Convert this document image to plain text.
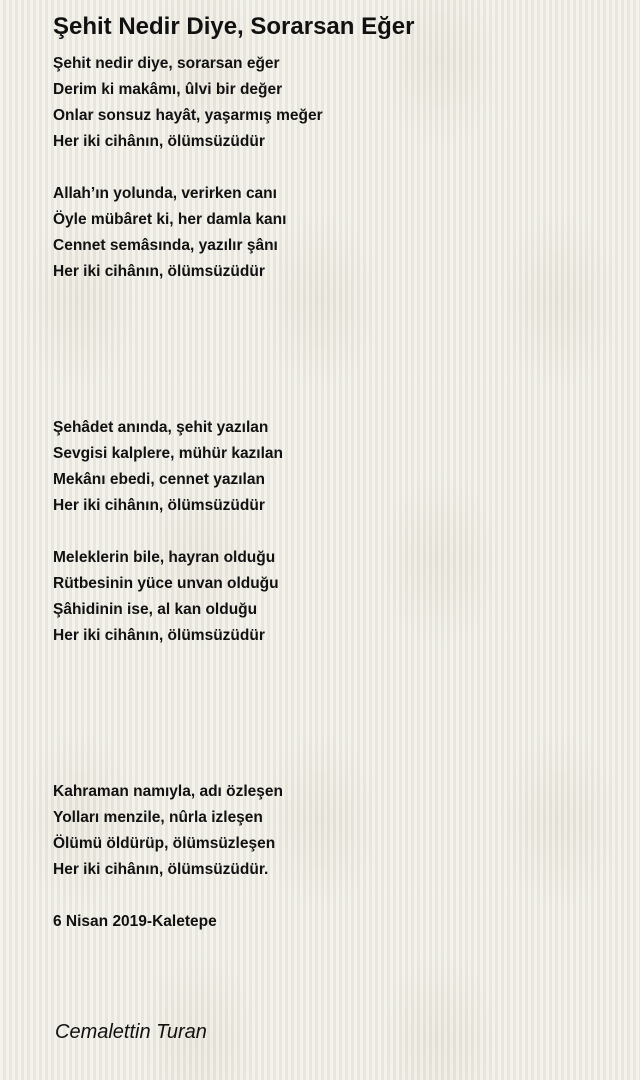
Şehit Nedir Diye, Sorarsan Eğer
Şehit nedir diye, sorarsan eğer
Derim ki makâmı, ûlvi bir değer
Onlar sonsuz hayât, yaşarmış meğer
Her iki cihânın, ölümsüzüdür
Allah’ın yolunda, verirken canı
Öyle mübâret ki, her damla kanı
Cennet semâsında, yazılır şânı
Her iki cihânın, ölümsüzüdür
Şehâdet anında, şehit yazılan
Sevgisi kalplere, mühür kazılan
Mekânı ebedi, cennet yazılan
Her iki cihânın, ölümsüzüdür
Meleklerin bile, hayran olduğu
Rütbesinin yüce unvan olduğu
Şâhidinin ise, al kan olduğu
Her iki cihânın, ölümsüzüdür
Kahraman namıyla, adı özleşen
Yolları menzile, nûrla izleşen
Ölümü öldürüp, ölümsüzleşen
Her iki cihânın, ölümsüzüdür.
6 Nisan 2019-Kaletepe
Cemalettin Turan
